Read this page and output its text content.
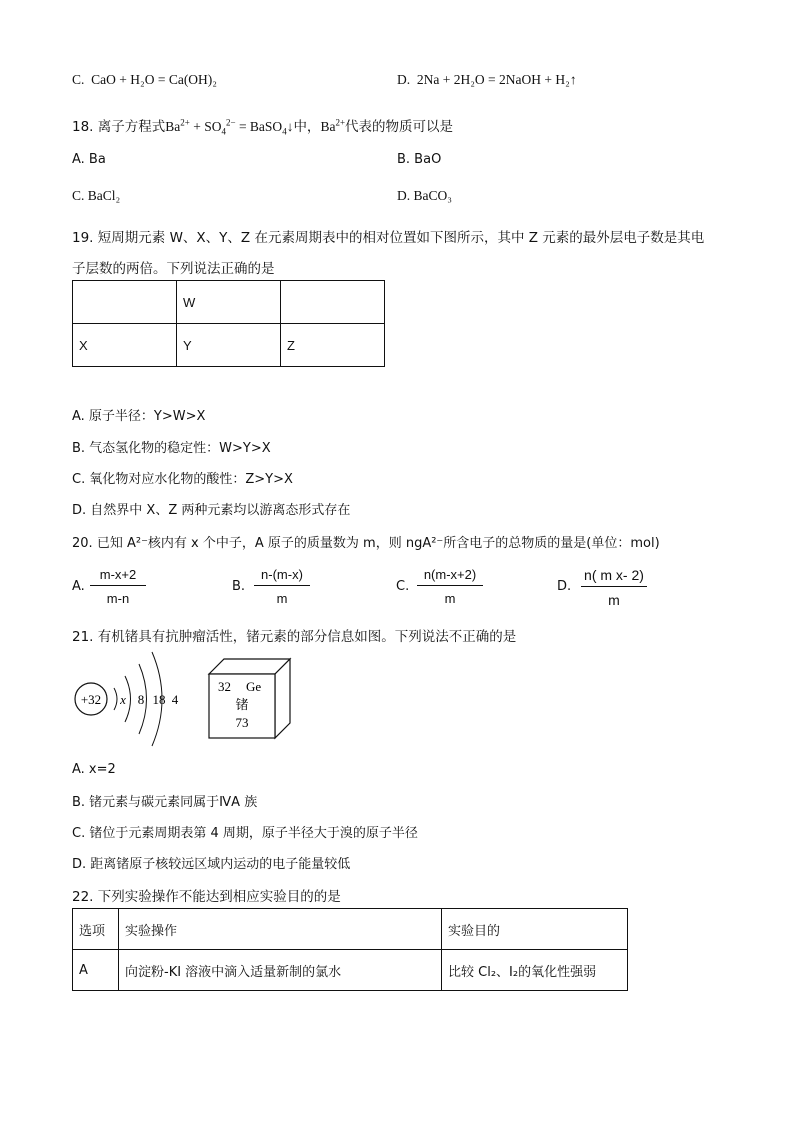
C. CaO + H₂O = Ca(OH)₂	D. 2Na + 2H₂O = 2NaOH + H₂↑
18. 离子方程式$Ba^{2+} + SO_4^{2-}$ = BaSO$_4$↓中，$Ba^{2+}$代表的物质可以是
A. Ba	B. BaO
C. BaCl₂	D. BaCO₃
19. 短周期元素 W、X、Y、Z 在元素周期表中的相对位置如下图所示，其中 Z 元素的最外层电子数是其电
子层数的两倍。下列说法正确的是
	W	
X	Y	Z
A. 原子半径：Y>W>X
B. 气态氢化物的稳定性：W>Y>X
C. 氧化物对应水化物的酸性：Z>Y>X
D. 自然界中 X、Z 两种元素均以游离态形式存在
20. 已知 A²⁻核内有 x 个中子，A 原子的质量数为 m，则 ngA²⁻所含电子的总物质的量是(单位：mol)
A. $\frac{m-x+2}{m-n}$	B. $\frac{n-(m-x)}{m}$	C. $\frac{n(m-x+2)}{m}$	D. $\frac{\text{n( m x- 2)}}{m}$
21. 有机锗具有抗肿瘤活性，锗元素的部分信息如图。下列说法不正确的是
+32 x 8 18 4
32 Ge
锗
73
A. x=2
B. 锗元素与碳元素同属于ⅣA 族
C. 锗位于元素周期表第 4 周期，原子半径大于溴的原子半径
D. 距离锗原子核较远区域内运动的电子能量较低
22. 下列实验操作不能达到相应实验目的的是
选项	实验操作	实验目的
A	向淀粉-KI 溶液中滴入适量新制的氯水	比较 Cl₂、I₂的氧化性强弱
